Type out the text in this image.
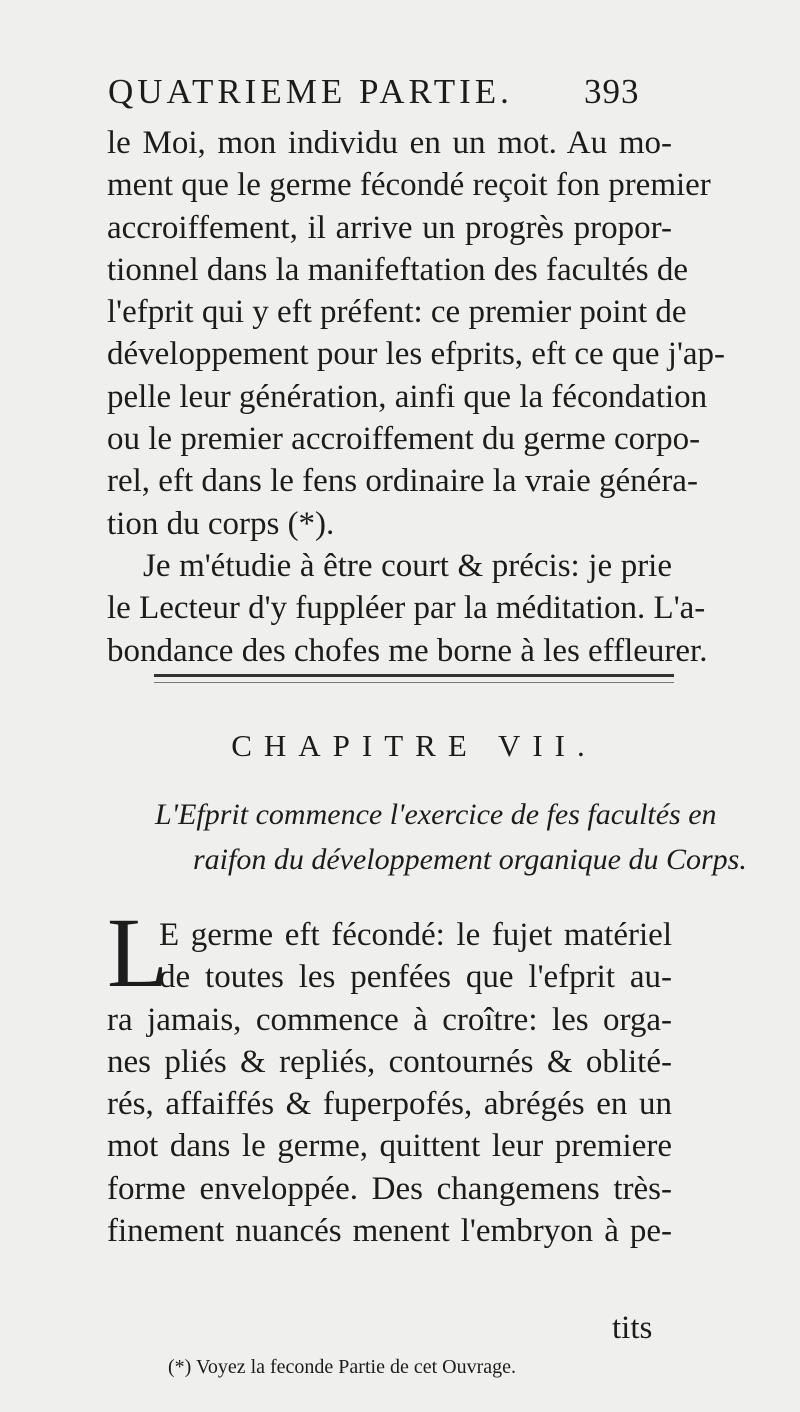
QUATRIEME PARTIE. 393
le Moi, mon individu en un mot. Au mo-
ment que le germe fécondé reçoit fon premier
accroiffement, il arrive un progrès propor-
tionnel dans la manifeftation des facultés de
l'efprit qui y eft préfent: ce premier point de
développement pour les efprits, eft ce que j'ap-
pelle leur génération, ainfi que la fécondation
ou le premier accroiffement du germe corpo-
rel, eft dans le fens ordinaire la vraie généra-
tion du corps (*).
Je m'étudie à être court & précis: je prie
le Lecteur d'y fuppléer par la méditation. L'a-
bondance des chofes me borne à les effleurer.
CHAPITRE VII.
L'Efprit commence l'exercice de fes facultés en
raifon du développement organique du Corps.
L
E germe eft fécondé: le fujet matériel
de toutes les penfées que l'efprit au-
ra jamais, commence à croître: les orga-
nes pliés & repliés, contournés & oblité-
rés, affaiffés & fuperpofés, abrégés en un
mot dans le germe, quittent leur premiere
forme enveloppée. Des changemens très-
finement nuancés menent l'embryon à pe-
tits
(*) Voyez la feconde Partie de cet Ouvrage.
